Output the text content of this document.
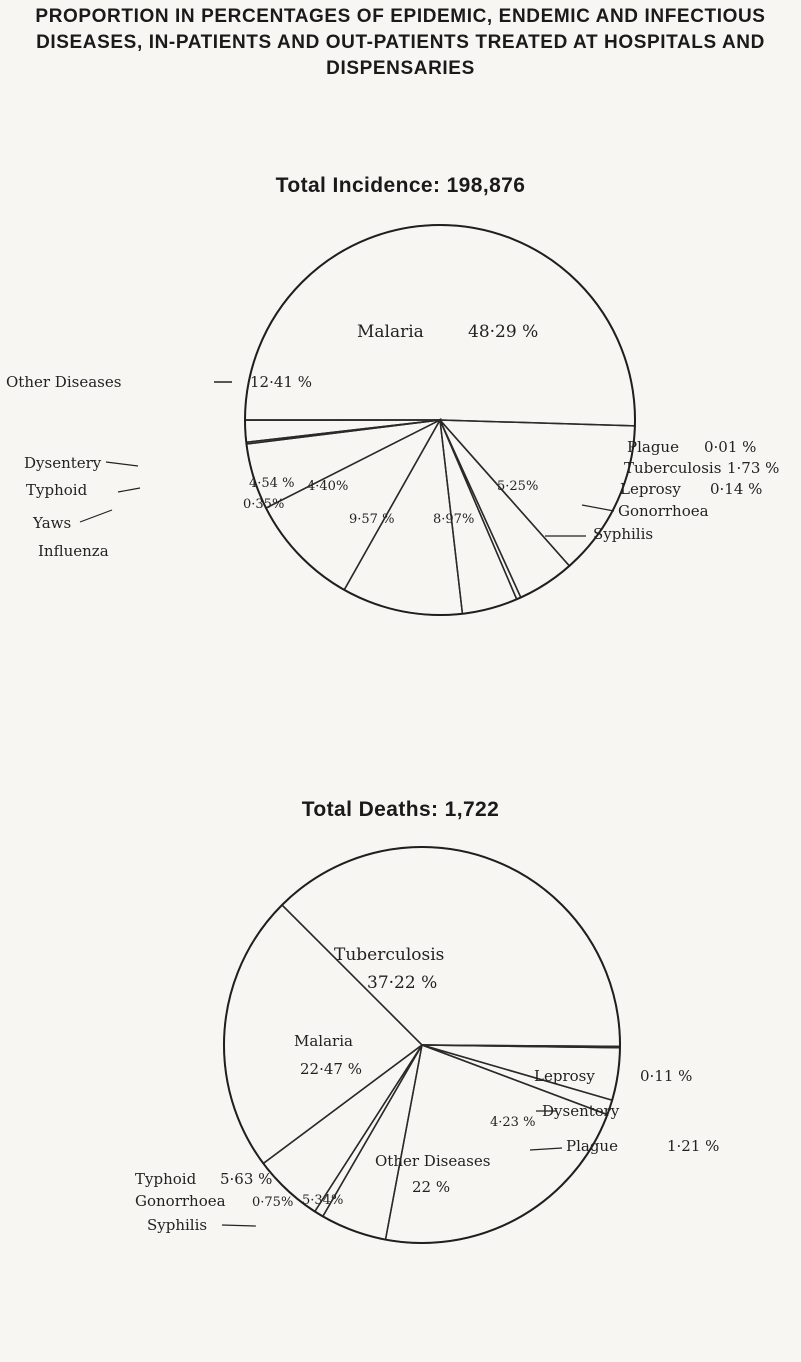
PROPORTION IN PERCENTAGES OF EPIDEMIC, ENDEMIC AND INFECTIOUS
DISEASES, IN-PATIENTS AND OUT-PATIENTS TREATED AT HOSPITALS AND
DISPENSARIES
Total Incidence: 198,876
Malaria	48·29 %
Other Diseases	12·41 %
Dysentery
4·54 %
Typhoid
0·35%
Yaws
4·40%
Influenza
9·57 %
Syphilis
8·97%	Gonorrhoea
5·25%	Leprosy 0·14 %
Tuberculosis 1·73 %
Plague 0·01 %
Total Deaths: 1,722
Tuberculosis
37·22 %
Malaria
22·47 %	Leprosy	0·11 %
4·23 %
Dysentery
Plague	1·21 %
Other Diseases
22 %
Typhoid 5·63 %
Gonorrhoea 0·75%
Syphilis
5·34%
